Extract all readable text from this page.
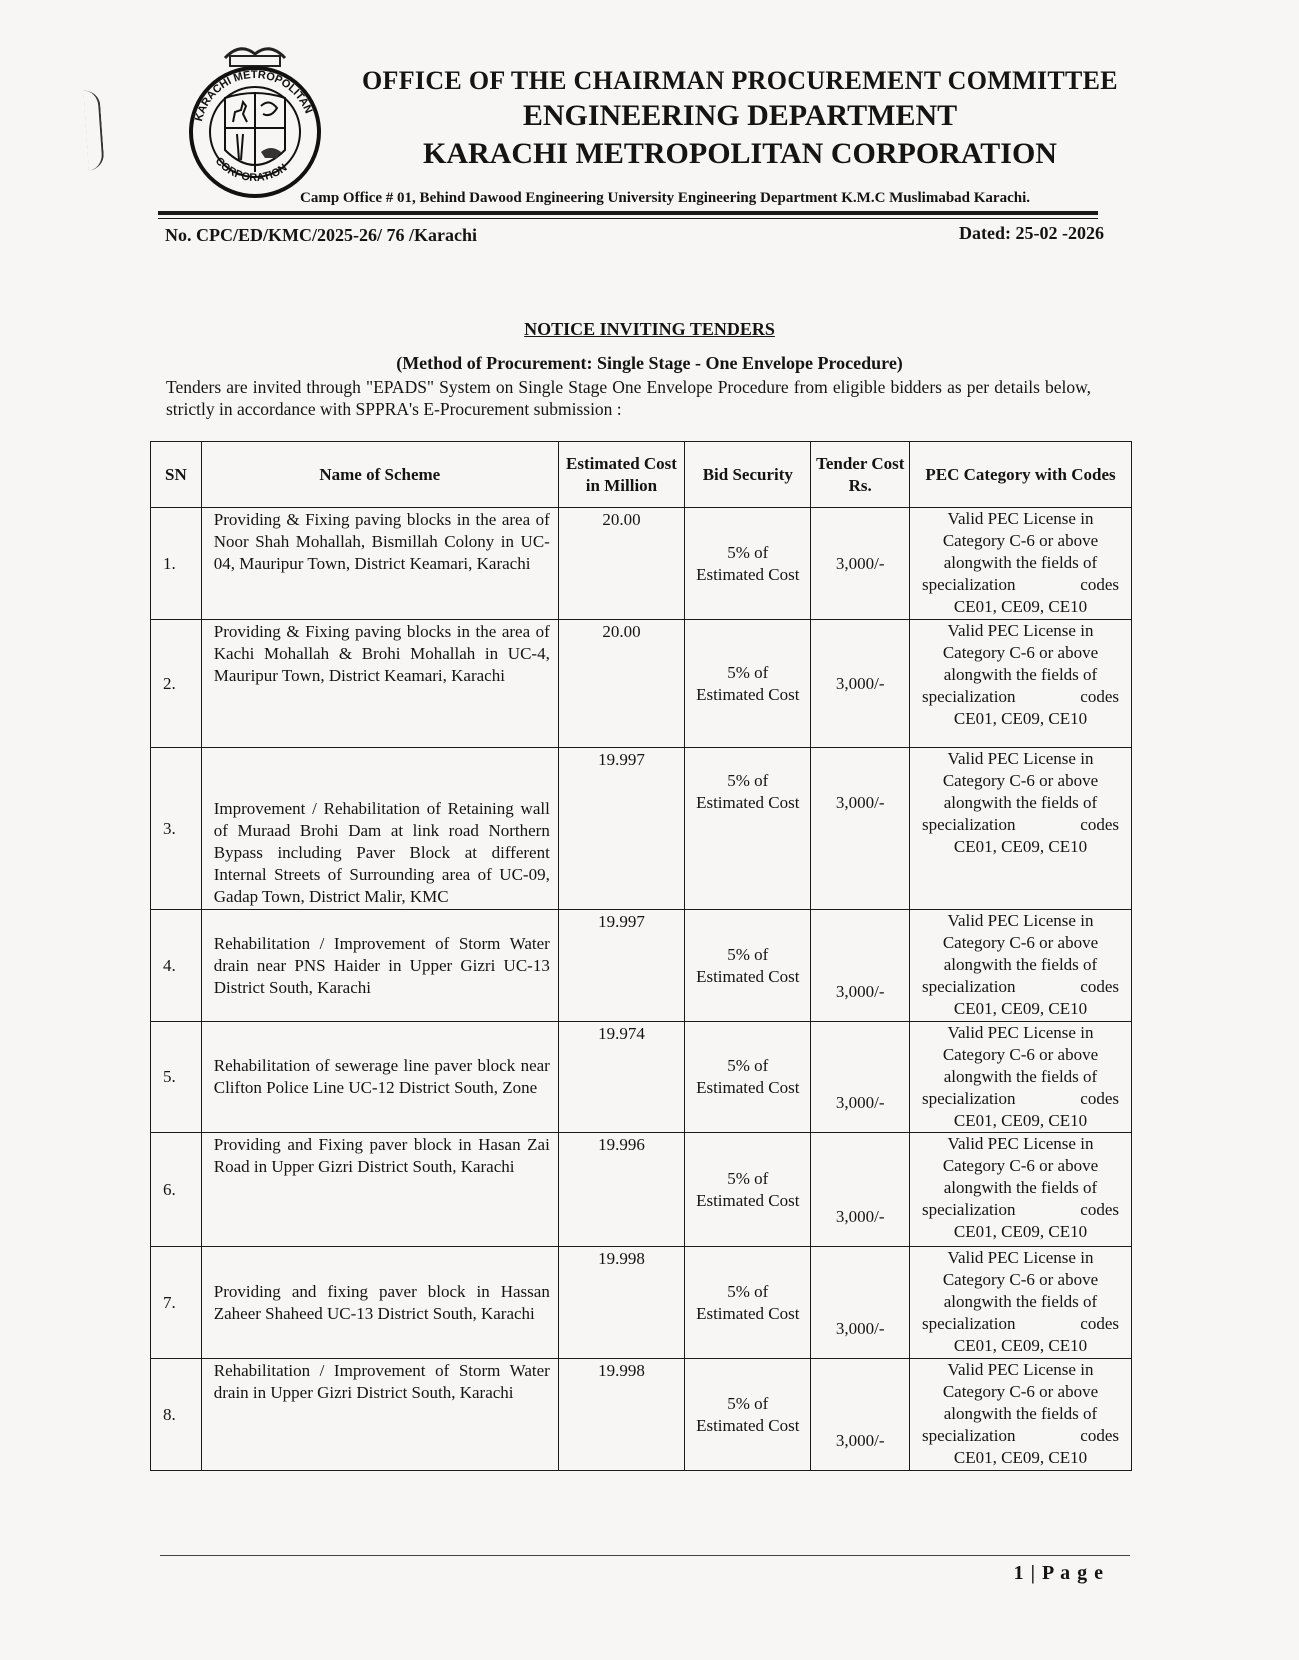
KARACHI METROPOLITAN
CORPORATION
OFFICE OF THE CHAIRMAN PROCUREMENT COMMITTEE
ENGINEERING DEPARTMENT
KARACHI METROPOLITAN CORPORATION
Camp Office # 01, Behind Dawood Engineering University Engineering Department K.M.C Muslimabad Karachi.
No. CPC/ED/KMC/2025-26/ 76 /Karachi	Dated: 25-02 -2026
NOTICE INVITING TENDERS
(Method of Procurement: Single Stage - One Envelope Procedure)
Tenders are invited through "EPADS" System on Single Stage One Envelope Procedure from eligible bidders as per details below, strictly in accordance with SPPRA's E-Procurement submission :
SN	Name of Scheme	Estimated Cost in Million	Bid Security	Tender Cost Rs.	PEC Category with Codes
1.	Providing & Fixing paving blocks in the area of Noor Shah Mohallah, Bismillah Colony in UC-04, Mauripur Town, District Keamari, Karachi	20.00	5% of Estimated Cost	3,000/-	Valid PEC License in Category C-6 or above alongwith the fields of
specialization codes
CE01, CE09, CE10

2.	Providing & Fixing paving blocks in the area of Kachi Mohallah & Brohi Mohallah in UC-4, Mauripur Town, District Keamari, Karachi	20.00	5% of Estimated Cost	3,000/-	Valid PEC License in Category C-6 or above alongwith the fields of
specialization codes
CE01, CE09, CE10

3.	Improvement / Rehabilitation of Retaining wall of Muraad Brohi Dam at link road Northern Bypass including Paver Block at different Internal Streets of Surrounding area of UC-09, Gadap Town, District Malir, KMC	19.997	5% of Estimated Cost	3,000/-	
Valid PEC License in Category C-6 or above alongwith the fields of
specialization	codes
CE01, CE09, CE10

4.	Rehabilitation / Improvement of Storm Water drain near PNS Haider in Upper Gizri UC-13 District South, Karachi	19.997	5% of Estimated Cost	3,000/-	Valid PEC License in Category C-6 or above alongwith the fields of
specialization codes
CE01, CE09, CE10

5.	Rehabilitation of sewerage line paver block near Clifton Police Line UC-12 District South, Zone	19.974	5% of Estimated Cost	3,000/-	Valid PEC License in Category C-6 or above alongwith the fields of
specialization codes
CE01, CE09, CE10

6.	Providing and Fixing paver block in Hasan Zai Road in Upper Gizri District South, Karachi	19.996	5% of Estimated Cost	3,000/-	Valid PEC License in Category C-6 or above alongwith the fields of
specialization codes
CE01, CE09, CE10

7.	Providing and fixing paver block in Hassan Zaheer Shaheed UC-13 District South, Karachi	19.998	5% of Estimated Cost	3,000/-	Valid PEC License in Category C-6 or above alongwith the fields of
specialization codes
CE01, CE09, CE10

8.	Rehabilitation / Improvement of Storm Water drain in Upper Gizri District South, Karachi	19.998	5% of Estimated Cost	3,000/-	Valid PEC License in Category C-6 or above alongwith the fields of
specialization codes
CE01, CE09, CE10
1 | P a g e
